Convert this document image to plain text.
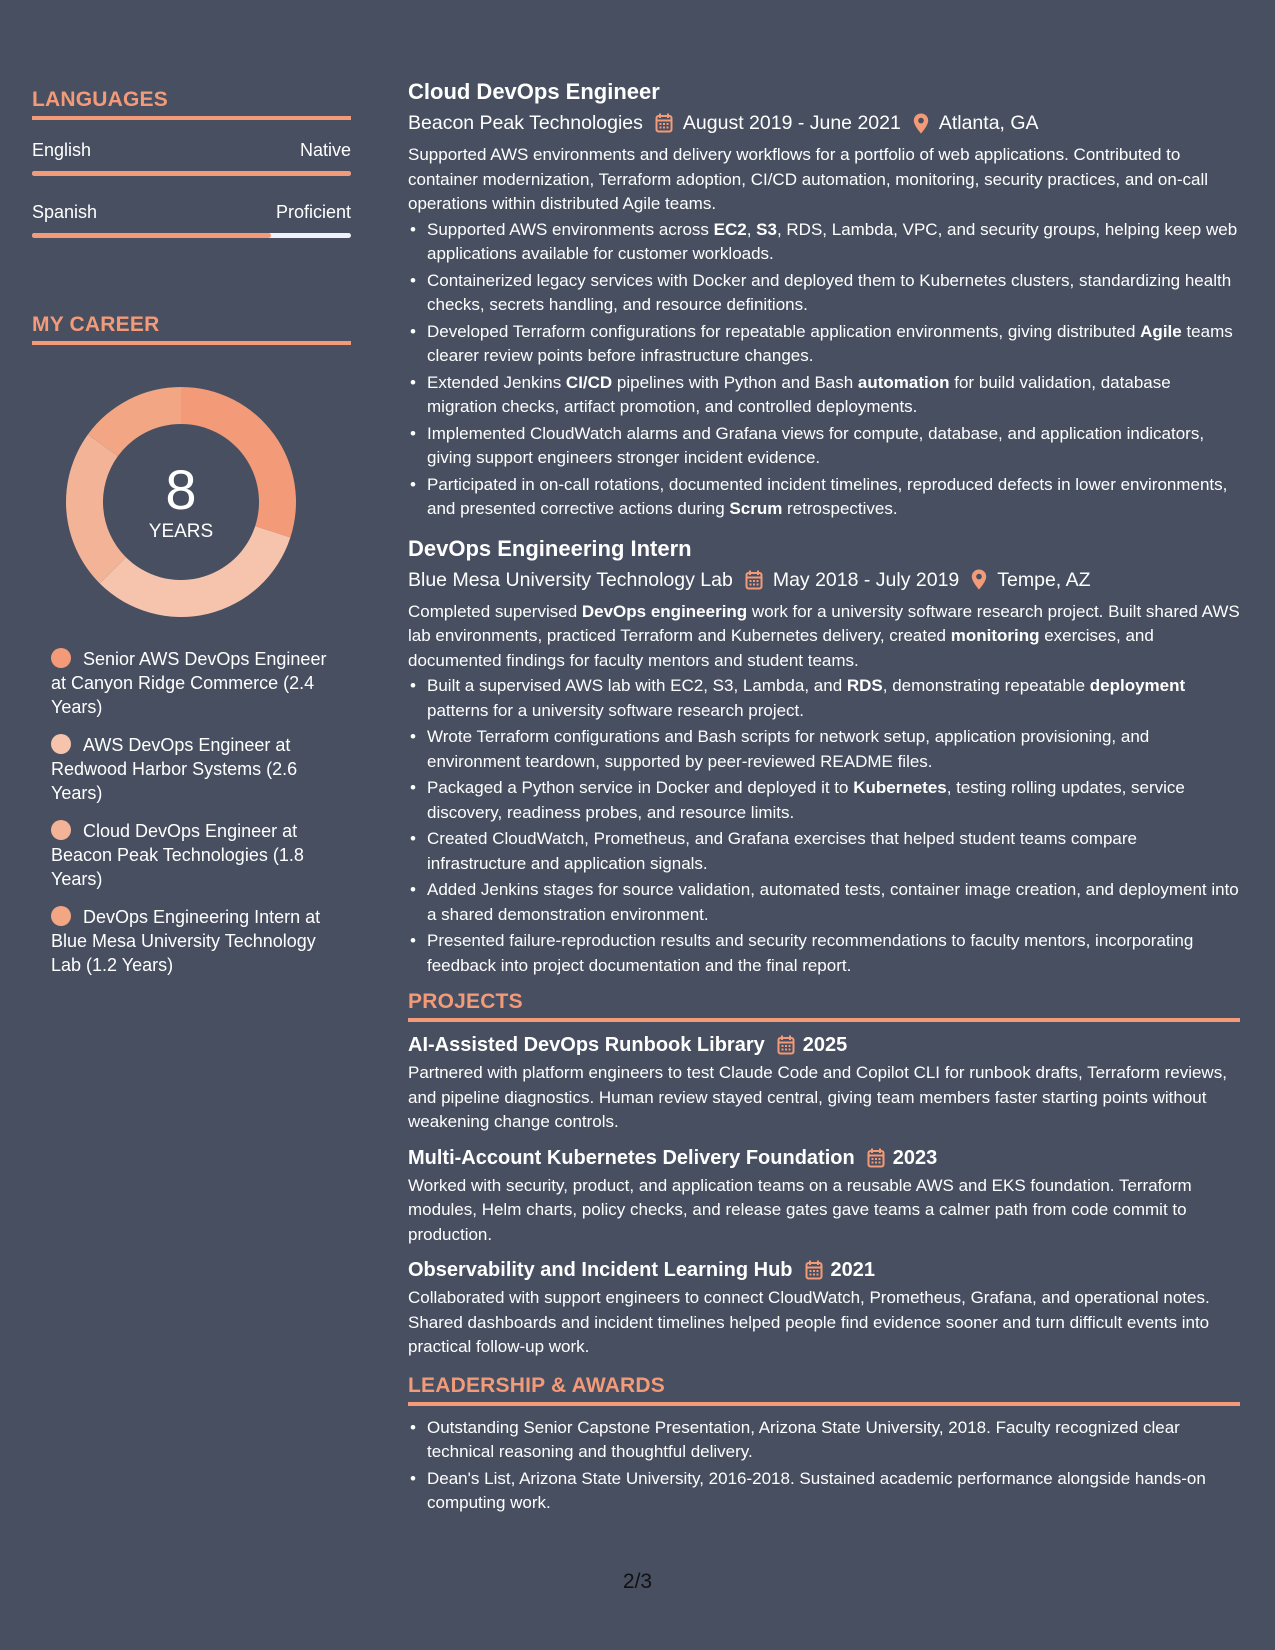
LANGUAGES
English	Native
Spanish	Proficient
MY CAREER
8
YEARS
Senior AWS DevOps Engineer at Canyon Ridge Commerce (2.4 Years)
AWS DevOps Engineer at Redwood Harbor Systems (2.6 Years)
Cloud DevOps Engineer at Beacon Peak Technologies (1.8 Years)
DevOps Engineering Intern at Blue Mesa University Technology Lab (1.2 Years)
Cloud DevOps Engineer
Beacon Peak Technologies August 2019 - June 2021 Atlanta, GA
Supported AWS environments and delivery workflows for a portfolio of web applications. Contributed to container modernization, Terraform adoption, CI/CD automation, monitoring, security practices, and on-call operations within distributed Agile teams.
• Supported AWS environments across EC2, S3, RDS, Lambda, VPC, and security groups, helping keep web applications available for customer workloads.
• Containerized legacy services with Docker and deployed them to Kubernetes clusters, standardizing health checks, secrets handling, and resource definitions.
• Developed Terraform configurations for repeatable application environments, giving distributed Agile teams clearer review points before infrastructure changes.
• Extended Jenkins CI/CD pipelines with Python and Bash automation for build validation, database migration checks, artifact promotion, and controlled deployments.
• Implemented CloudWatch alarms and Grafana views for compute, database, and application indicators, giving support engineers stronger incident evidence.
• Participated in on-call rotations, documented incident timelines, reproduced defects in lower environments, and presented corrective actions during Scrum retrospectives.
DevOps Engineering Intern
Blue Mesa University Technology Lab May 2018 - July 2019 Tempe, AZ
Completed supervised DevOps engineering work for a university software research project. Built shared AWS lab environments, practiced Terraform and Kubernetes delivery, created monitoring exercises, and documented findings for faculty mentors and student teams.
• Built a supervised AWS lab with EC2, S3, Lambda, and RDS, demonstrating repeatable deployment patterns for a university software research project.
• Wrote Terraform configurations and Bash scripts for network setup, application provisioning, and environment teardown, supported by peer-reviewed README files.
• Packaged a Python service in Docker and deployed it to Kubernetes, testing rolling updates, service discovery, readiness probes, and resource limits.
• Created CloudWatch, Prometheus, and Grafana exercises that helped student teams compare infrastructure and application signals.
• Added Jenkins stages for source validation, automated tests, container image creation, and deployment into a shared demonstration environment.
• Presented failure-reproduction results and security recommendations to faculty mentors, incorporating feedback into project documentation and the final report.
PROJECTS
AI-Assisted DevOps Runbook Library 2025
Partnered with platform engineers to test Claude Code and Copilot CLI for runbook drafts, Terraform reviews, and pipeline diagnostics. Human review stayed central, giving team members faster starting points without weakening change controls.
Multi-Account Kubernetes Delivery Foundation 2023
Worked with security, product, and application teams on a reusable AWS and EKS foundation. Terraform modules, Helm charts, policy checks, and release gates gave teams a calmer path from code commit to production.
Observability and Incident Learning Hub 2021
Collaborated with support engineers to connect CloudWatch, Prometheus, Grafana, and operational notes. Shared dashboards and incident timelines helped people find evidence sooner and turn difficult events into practical follow-up work.
LEADERSHIP & AWARDS
• Outstanding Senior Capstone Presentation, Arizona State University, 2018. Faculty recognized clear technical reasoning and thoughtful delivery.
• Dean's List, Arizona State University, 2016-2018. Sustained academic performance alongside hands-on computing work.
2/3
